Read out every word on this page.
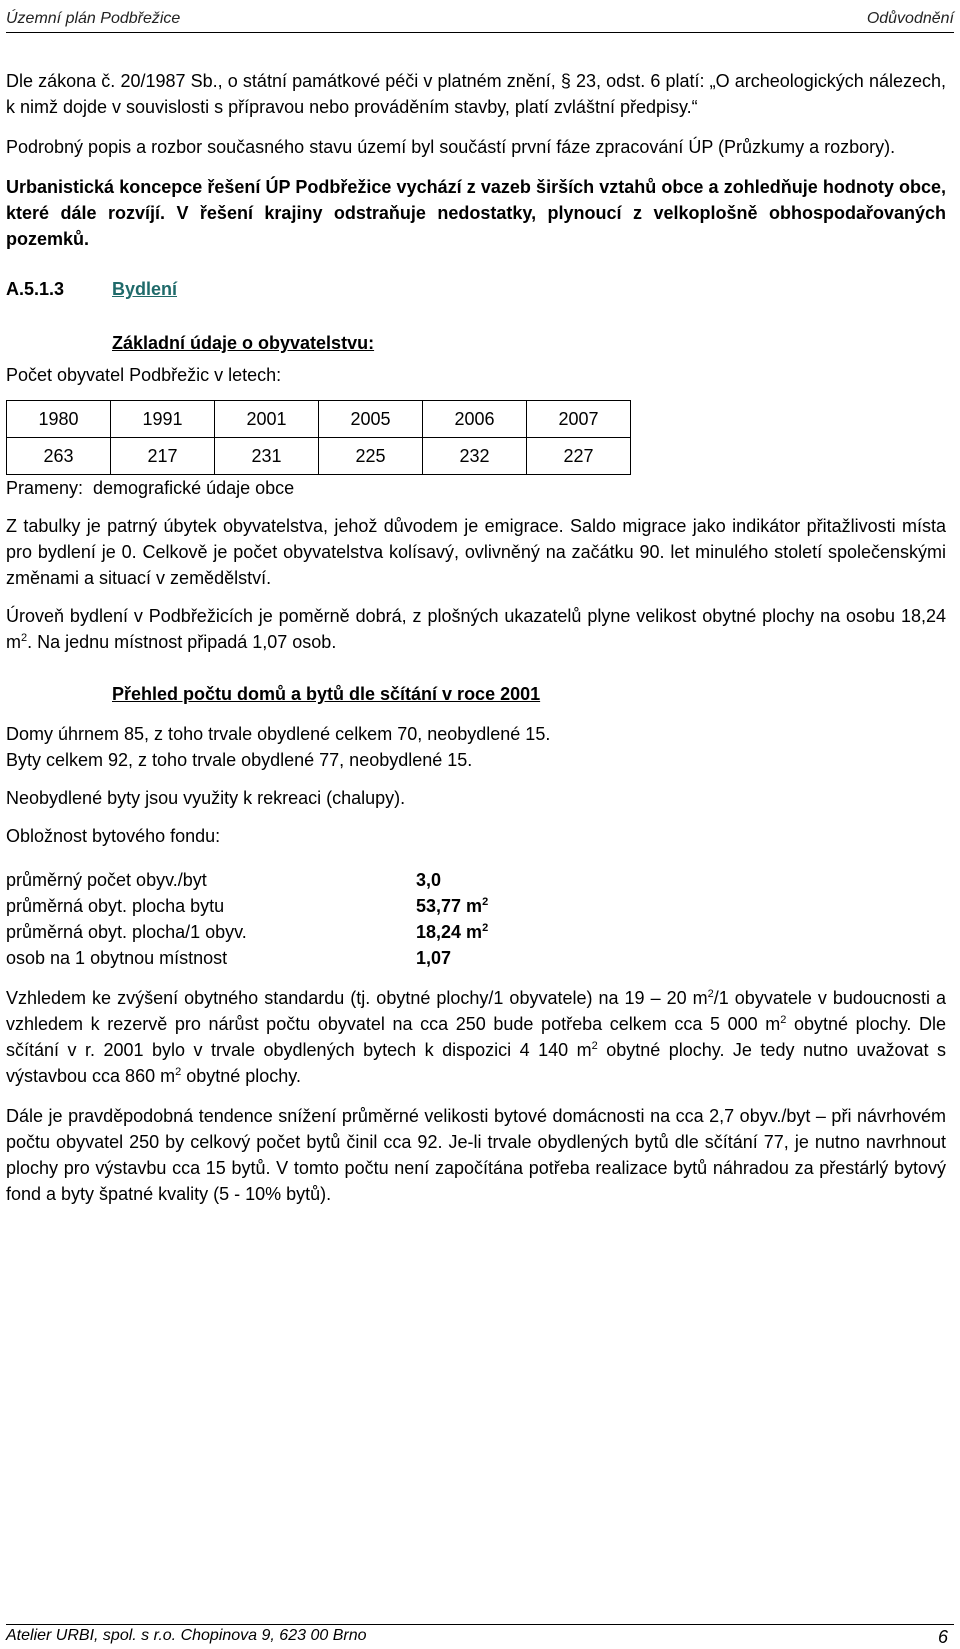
Územní plán Podbřežice	Odůvodnění

Dle zákona č. 20/1987 Sb., o státní památkové péči v platném znění, § 23, odst. 6 platí: „O archeologických nálezech, k nimž dojde v souvislosti s přípravou nebo prováděním stavby, platí zvláštní předpisy.“

Podrobný popis a rozbor současného stavu území byl součástí první fáze zpracování ÚP (Průzkumy a rozbory).

Urbanistická koncepce řešení ÚP Podbřežice vychází z vazeb širších vztahů obce a zohledňuje hodnoty obce, které dále rozvíjí. V řešení krajiny odstraňuje nedostatky, plynoucí z velkoplošně obhospodařovaných pozemků.

A.5.1.3	Bydlení

Základní údaje o obyvatelstvu:

Počet obyvatel Podbřežic v letech:

1980	1991	2001	2005	2006	2007
263	217	231	225	232	227

Prameny:  demografické údaje obce

Z tabulky je patrný úbytek obyvatelstva, jehož důvodem je emigrace. Saldo migrace jako indikátor přitažlivosti místa pro bydlení je 0. Celkově je počet obyvatelstva kolísavý, ovlivněný na začátku 90. let minulého století společenskými změnami a situací v zemědělství.

Úroveň bydlení v Podbřežicích je poměrně dobrá, z plošných ukazatelů plyne velikost obytné plochy na osobu 18,24 $m^2$. Na jednu místnost připadá 1,07 osob.

Přehled počtu domů a bytů dle sčítání v roce 2001

Domy úhrnem 85, z toho trvale obydlené celkem 70, neobydlené 15.

Byty celkem 92, z toho trvale obydlené 77, neobydlené 15.

Neobydlené byty jsou využity k rekreaci (chalupy).

Obložnost bytového fondu:

průměrný počet obyv./byt	3,0
průměrná obyt. plocha bytu	53,77 $m^2$
průměrná obyt. plocha/1 obyv.	18,24 $m^2$
osob na 1 obytnou místnost	1,07

Vzhledem ke zvýšení obytného standardu (tj. obytné plochy/1 obyvatele) na 19 – 20 $m^2/1$ obyvatele v budoucnosti a vzhledem k rezervě pro nárůst počtu obyvatel na cca 250 bude potřeba celkem cca 5 000 $m^2$ obytné plochy. Dle sčítání v r. 2001 bylo v trvale obydlených bytech k dispozici 4 140 $m^2$ obytné plochy. Je tedy nutno uvažovat s výstavbou cca 860 $m^2$ obytné plochy.

Dále je pravděpodobná tendence snížení průměrné velikosti bytové domácnosti na cca 2,7 obyv./byt – při návrhovém počtu obyvatel 250 by celkový počet bytů činil cca 92. Je-li trvale obydlených bytů dle sčítání 77, je nutno navrhnout plochy pro výstavbu cca 15 bytů. V tomto počtu není započítána potřeba realizace bytů náhradou za přestárlý bytový fond a byty špatné kvality (5 - 10% bytů).

Atelier URBI, spol. s r.o. Chopinova 9, 623 00 Brno	6
